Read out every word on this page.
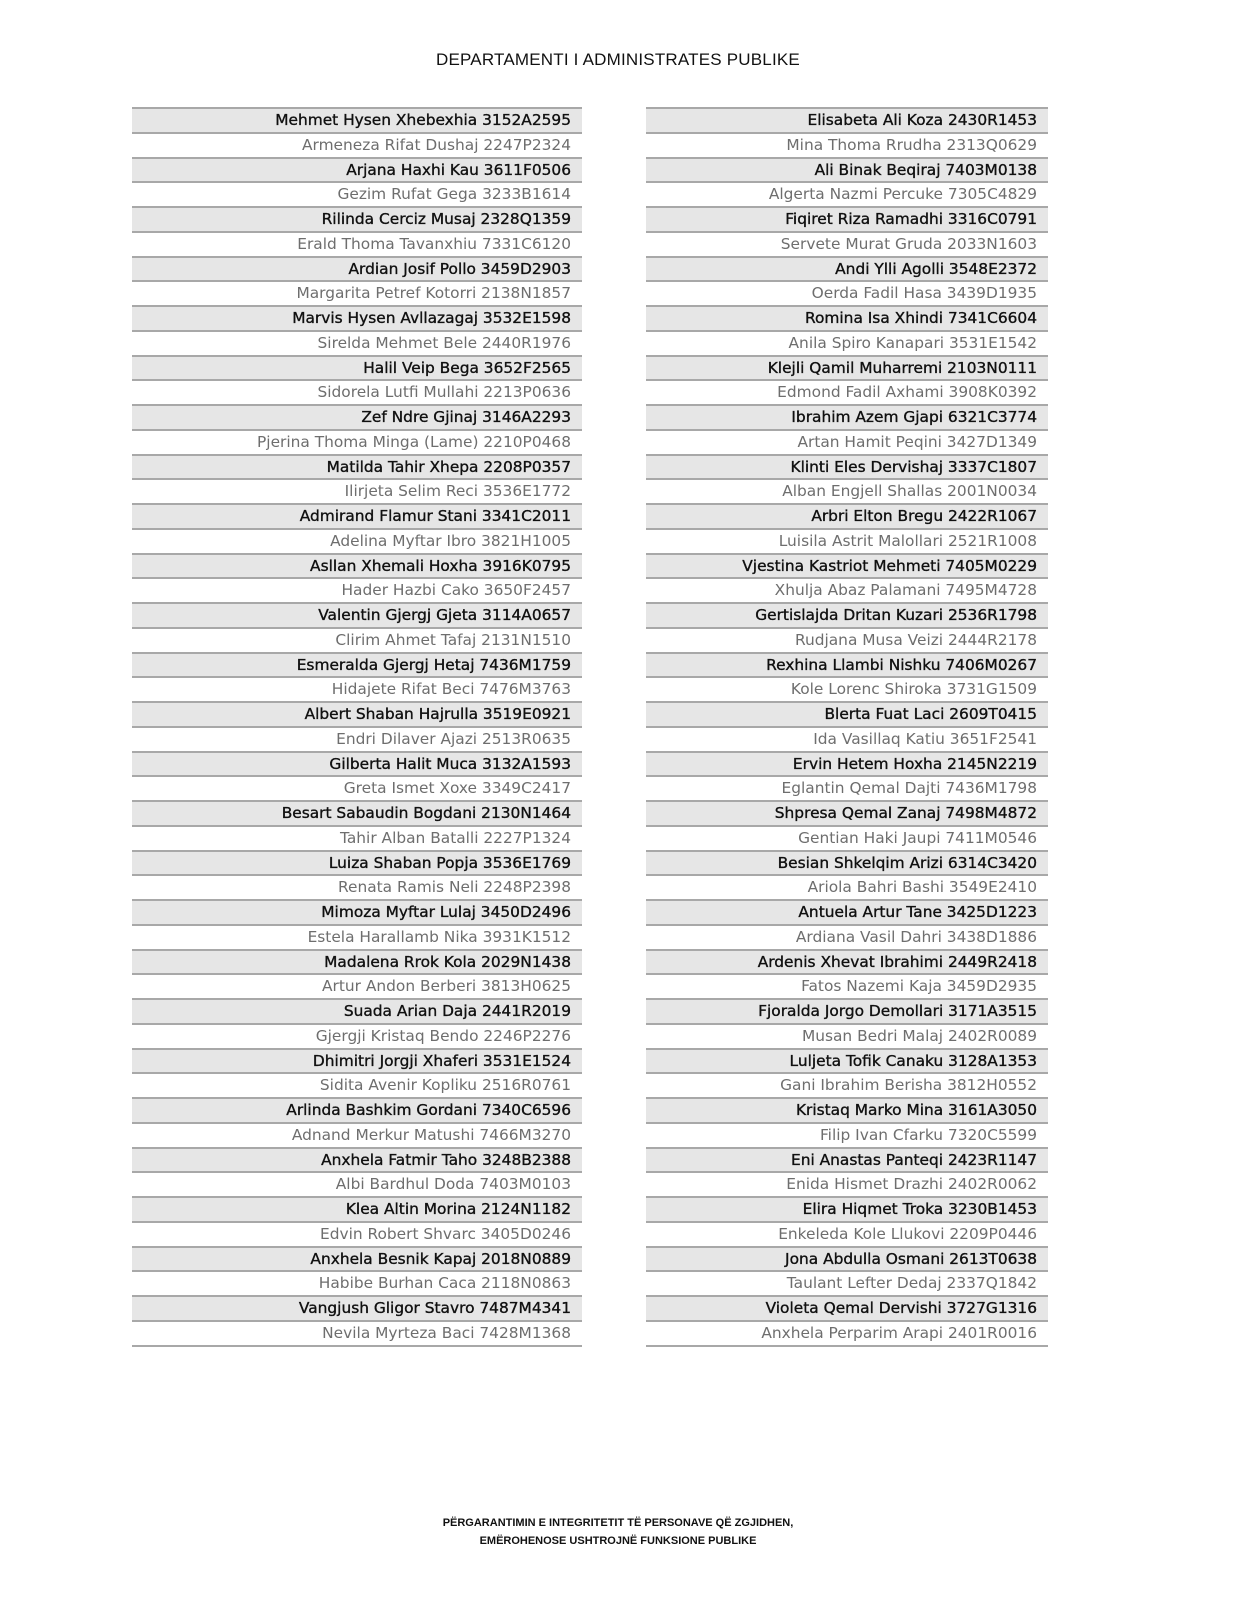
DEPARTAMENTI I ADMINISTRATES PUBLIKE
Mehmet Hysen Xhebexhia 3152A2595
Armeneza Rifat Dushaj 2247P2324
Arjana Haxhi Kau 3611F0506
Gezim Rufat Gega 3233B1614
Rilinda Cerciz Musaj 2328Q1359
Erald Thoma Tavanxhiu 7331C6120
Ardian Josif Pollo 3459D2903
Margarita Petref Kotorri 2138N1857
Marvis Hysen Avllazagaj 3532E1598
Sirelda Mehmet Bele 2440R1976
Halil Veip Bega 3652F2565
Sidorela Lutfi Mullahi 2213P0636
Zef Ndre Gjinaj 3146A2293
Pjerina Thoma Minga (Lame) 2210P0468
Matilda Tahir Xhepa 2208P0357
Ilirjeta Selim Reci 3536E1772
Admirand Flamur Stani 3341C2011
Adelina Myftar Ibro 3821H1005
Asllan Xhemali Hoxha 3916K0795
Hader Hazbi Cako 3650F2457
Valentin Gjergj Gjeta 3114A0657
Clirim Ahmet Tafaj 2131N1510
Esmeralda Gjergj Hetaj 7436M1759
Hidajete Rifat Beci 7476M3763
Albert Shaban Hajrulla 3519E0921
Endri Dilaver Ajazi 2513R0635
Gilberta Halit Muca 3132A1593
Greta Ismet Xoxe 3349C2417
Besart Sabaudin Bogdani 2130N1464
Tahir Alban Batalli 2227P1324
Luiza Shaban Popja 3536E1769
Renata Ramis Neli 2248P2398
Mimoza Myftar Lulaj 3450D2496
Estela Harallamb Nika 3931K1512
Madalena Rrok Kola 2029N1438
Artur Andon Berberi 3813H0625
Suada Arian Daja 2441R2019
Gjergji Kristaq Bendo 2246P2276
Dhimitri Jorgji Xhaferi 3531E1524
Sidita Avenir Kopliku 2516R0761
Arlinda Bashkim Gordani 7340C6596
Adnand Merkur Matushi 7466M3270
Anxhela Fatmir Taho 3248B2388
Albi Bardhul Doda 7403M0103
Klea Altin Morina 2124N1182
Edvin Robert Shvarc 3405D0246
Anxhela Besnik Kapaj 2018N0889
Habibe Burhan Caca 2118N0863
Vangjush Gligor Stavro 7487M4341
Nevila Myrteza Baci 7428M1368
Elisabeta Ali Koza 2430R1453
Mina Thoma Rrudha 2313Q0629
Ali Binak Beqiraj 7403M0138
Algerta Nazmi Percuke 7305C4829
Fiqiret Riza Ramadhi 3316C0791
Servete Murat Gruda 2033N1603
Andi Ylli Agolli 3548E2372
Oerda Fadil Hasa 3439D1935
Romina Isa Xhindi 7341C6604
Anila Spiro Kanapari 3531E1542
Klejli Qamil Muharremi 2103N0111
Edmond Fadil Axhami 3908K0392
Ibrahim Azem Gjapi 6321C3774
Artan Hamit Peqini 3427D1349
Klinti Eles Dervishaj 3337C1807
Alban Engjell Shallas 2001N0034
Arbri Elton Bregu 2422R1067
Luisila Astrit Malollari 2521R1008
Vjestina Kastriot Mehmeti 7405M0229
Xhulja Abaz Palamani 7495M4728
Gertislajda Dritan Kuzari 2536R1798
Rudjana Musa Veizi 2444R2178
Rexhina Llambi Nishku 7406M0267
Kole Lorenc Shiroka 3731G1509
Blerta Fuat Laci 2609T0415
Ida Vasillaq Katiu 3651F2541
Ervin Hetem Hoxha 2145N2219
Eglantin Qemal Dajti 7436M1798
Shpresa Qemal Zanaj 7498M4872
Gentian Haki Jaupi 7411M0546
Besian Shkelqim Arizi 6314C3420
Ariola Bahri Bashi 3549E2410
Antuela Artur Tane 3425D1223
Ardiana Vasil Dahri 3438D1886
Ardenis Xhevat Ibrahimi 2449R2418
Fatos Nazemi Kaja 3459D2935
Fjoralda Jorgo Demollari 3171A3515
Musan Bedri Malaj 2402R0089
Luljeta Tofik Canaku 3128A1353
Gani Ibrahim Berisha 3812H0552
Kristaq Marko Mina 3161A3050
Filip Ivan Cfarku 7320C5599
Eni Anastas Panteqi 2423R1147
Enida Hismet Drazhi 2402R0062
Elira Hiqmet Troka 3230B1453
Enkeleda Kole Llukovi 2209P0446
Jona Abdulla Osmani 2613T0638
Taulant Lefter Dedaj 2337Q1842
Violeta Qemal Dervishi 3727G1316
Anxhela Perparim Arapi 2401R0016
PËRGARANTIMIN E INTEGRITETIT TË PERSONAVE QË ZGJIDHEN,
EMËROHENOSE USHTROJNË FUNKSIONE PUBLIKE
